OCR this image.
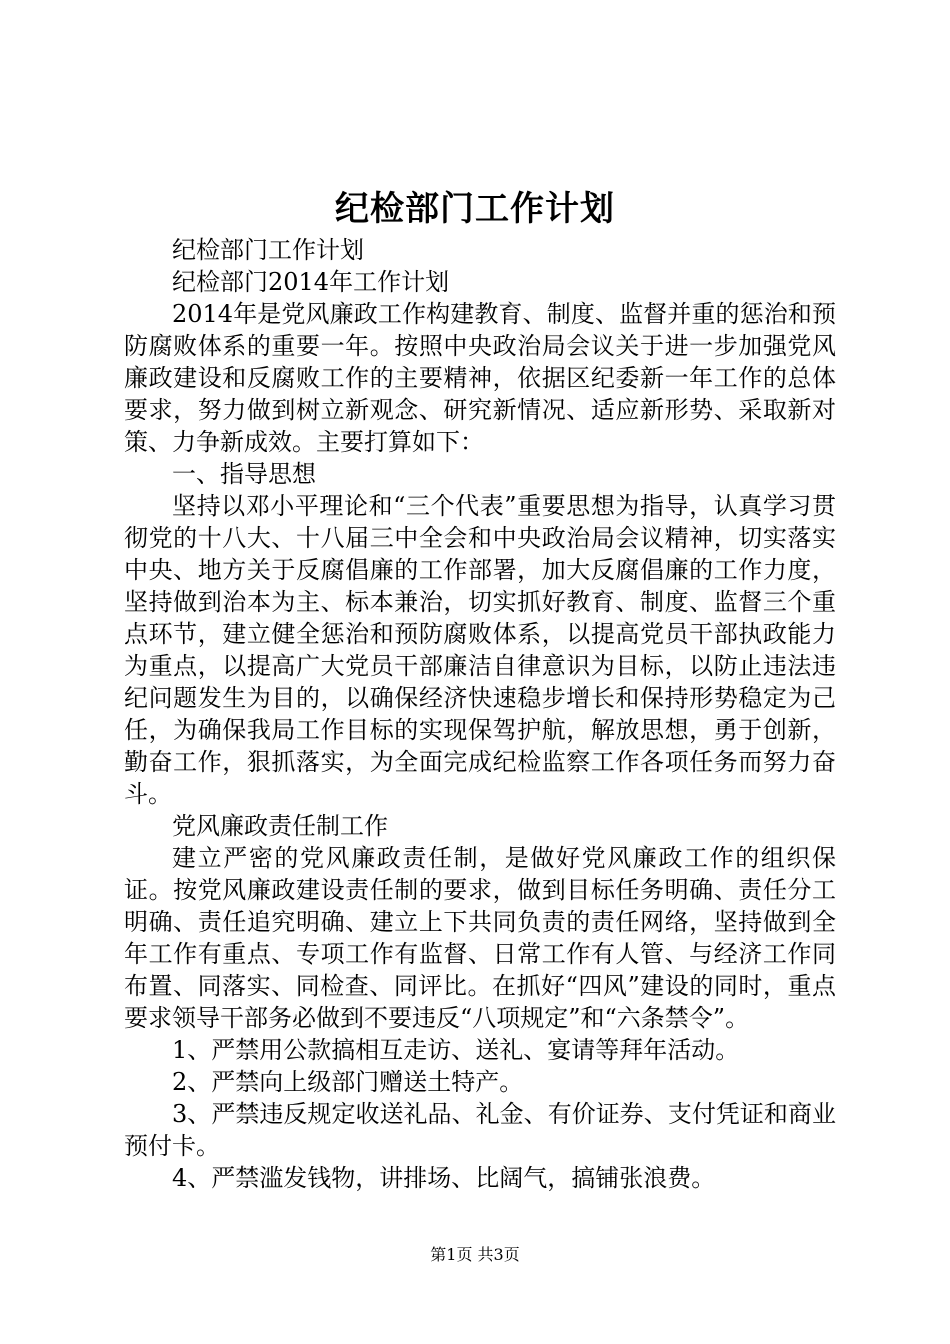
纪检部门工作计划

纪检部门工作计划

纪检部门2014年工作计划

2014年是党风廉政工作构建教育、制度、监督并重的惩治和预防腐败体系的重要一年。按照中央政治局会议关于进一步加强党风廉政建设和反腐败工作的主要精神，依据区纪委新一年工作的总体要求，努力做到树立新观念、研究新情况、适应新形势、采取新对策、力争新成效。主要打算如下：

一、指导思想

坚持以邓小平理论和“三个代表”重要思想为指导，认真学习贯彻党的十八大、十八届三中全会和中央政治局会议精神，切实落实中央、地方关于反腐倡廉的工作部署，加大反腐倡廉的工作力度，坚持做到治本为主、标本兼治，切实抓好教育、制度、监督三个重点环节，建立健全惩治和预防腐败体系，以提高党员干部执政能力为重点，以提高广大党员干部廉洁自律意识为目标，以防止违法违纪问题发生为目的，以确保经济快速稳步增长和保持形势稳定为己任，为确保我局工作目标的实现保驾护航，解放思想，勇于创新，勤奋工作，狠抓落实，为全面完成纪检监察工作各项任务而努力奋斗。

党风廉政责任制工作

建立严密的党风廉政责任制，是做好党风廉政工作的组织保证。按党风廉政建设责任制的要求，做到目标任务明确、责任分工明确、责任追究明确、建立上下共同负责的责任网络，坚持做到全年工作有重点、专项工作有监督、日常工作有人管、与经济工作同布置、同落实、同检查、同评比。在抓好“四风”建设的同时，重点要求领导干部务必做到不要违反“八项规定”和“六条禁令”。

1、严禁用公款搞相互走访、送礼、宴请等拜年活动。

2、严禁向上级部门赠送土特产。

3、严禁违反规定收送礼品、礼金、有价证券、支付凭证和商业预付卡。

4、严禁滥发钱物，讲排场、比阔气，搞铺张浪费。

第1页 共3页
